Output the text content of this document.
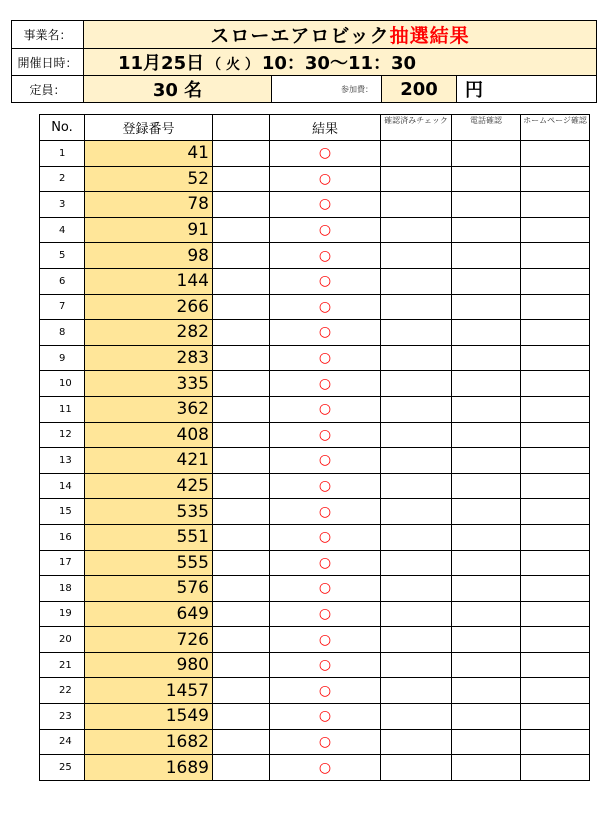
事業名：	スローエアロビック抽選結果			
開催日時：	11月25日 （ 火 ） 10：30〜11：30			
定員：	30 名	参加費：	200	円
No.	登録番号		結果	確認済みチェック	電話確認	ホームページ確認
1	41		○			
2	52		○			
3	78		○			
4	91		○			
5	98		○			
6	144		○			
7	266		○			
8	282		○			
9	283		○			
10	335		○			
11	362		○			
12	408		○			
13	421		○			
14	425		○			
15	535		○			
16	551		○			
17	555		○			
18	576		○			
19	649		○			
20	726		○			
21	980		○			
22	1457		○			
23	1549		○			
24	1682		○			
25	1689		○			
